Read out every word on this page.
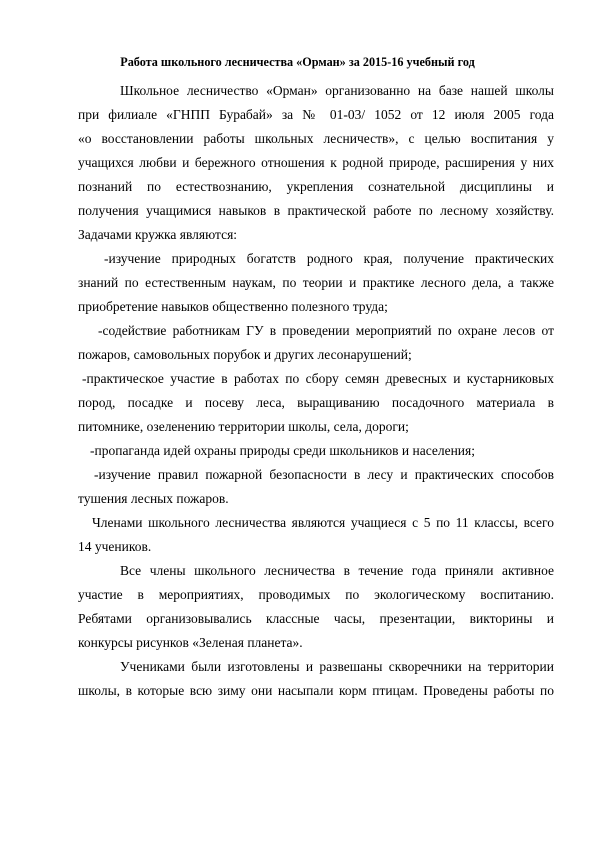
Работа школьного лесничества «Орман» за 2015-16 учебный год
Школьное лесничество «Орман» организованно на базе нашей школы
при филиале «ГНПП Бурабай» за № 01-03/ 1052 от 12 июля 2005 года
«о восстановлении работы школьных лесничеств», с целью воспитания у
учащихся любви и бережного отношения к родной природе, расширения у них
познаний по естествознанию, укрепления сознательной дисциплины и
получения учащимися навыков в практической работе по лесному хозяйству.
Задачами кружка являются:
-изучение природных богатств родного края, получение практических
знаний по естественным наукам, по теории и практике лесного дела, а также
приобретение навыков общественно полезного труда;
-содействие работникам ГУ в проведении мероприятий по охране лесов от
пожаров, самовольных порубок и других лесонарушений;
-практическое участие в работах по сбору семян древесных и кустарниковых
пород, посадке и посеву леса, выращиванию посадочного материала в
питомнике, озеленению территории школы, села, дороги;
-пропаганда идей охраны природы среди школьников и населения;
-изучение правил пожарной безопасности в лесу и практических способов
тушения лесных пожаров.
Членами школьного лесничества являются учащиеся с 5 по 11 классы, всего
14 учеников.
Все члены школьного лесничества в течение года приняли активное
участие в мероприятиях, проводимых по экологическому воспитанию.
Ребятами организовывались классные часы, презентации, викторины и
конкурсы рисунков «Зеленая планета».
Учениками были изготовлены и развешаны скворечники на территории
школы, в которые всю зиму они насыпали корм птицам. Проведены работы по
